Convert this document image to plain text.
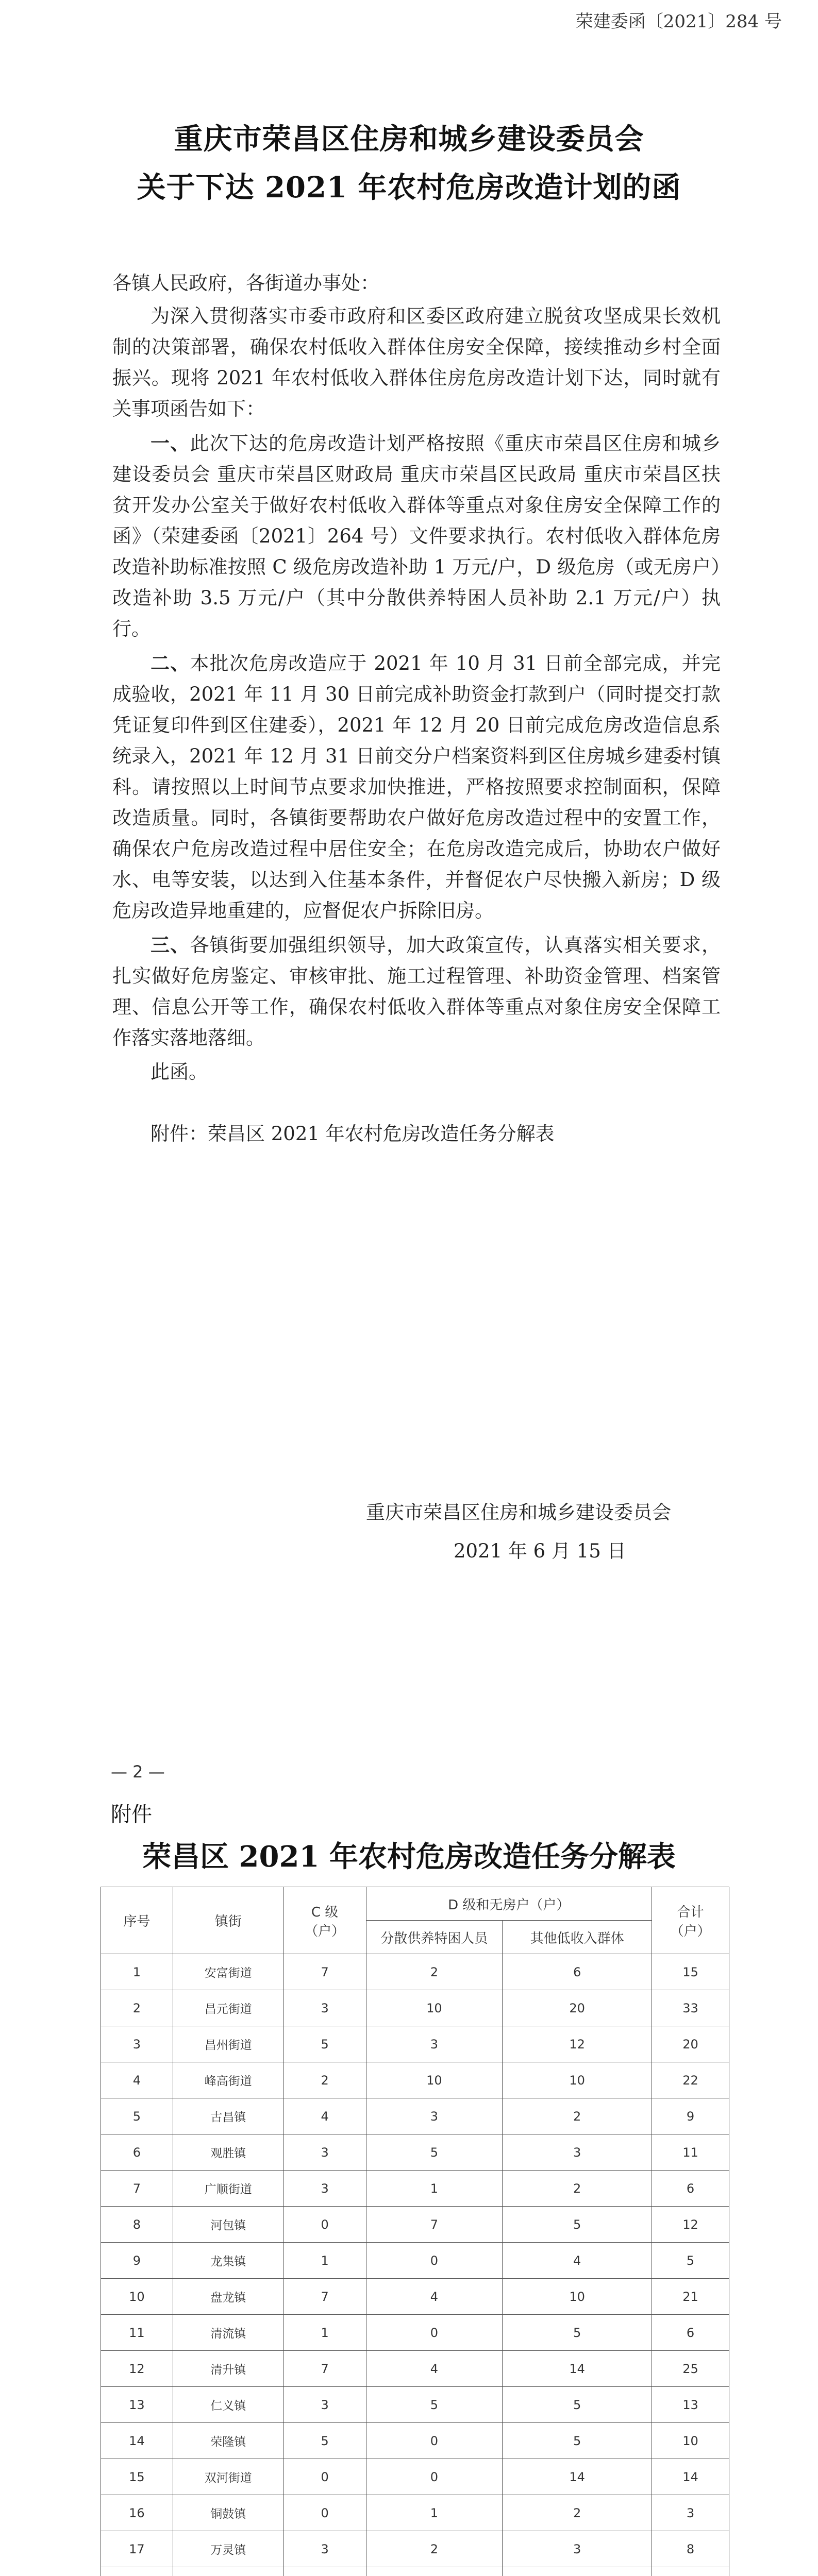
荣建委函〔2021〕284 号
重庆市荣昌区住房和城乡建设委员会
关于下达 2021 年农村危房改造计划的函

各镇人民政府，各街道办事处：

为深入贯彻落实市委市政府和区委区政府建立脱贫攻坚成果长效机制的决策部署，确保农村低收入群体住房安全保障，接续推动乡村全面振兴。现将 2021 年农村低收入群体住房危房改造计划下达，同时就有关事项函告如下：

一、此次下达的危房改造计划严格按照《重庆市荣昌区住房和城乡建设委员会 重庆市荣昌区财政局 重庆市荣昌区民政局 重庆市荣昌区扶贫开发办公室关于做好农村低收入群体等重点对象住房安全保障工作的函》（荣建委函〔2021〕264 号）文件要求执行。农村低收入群体危房改造补助标准按照 C 级危房改造补助 1 万元/户，D 级危房（或无房户）改造补助 3.5 万元/户（其中分散供养特困人员补助 2.1 万元/户）执行。

二、本批次危房改造应于 2021 年 10 月 31 日前全部完成，并完成验收，2021 年 11 月 30 日前完成补助资金打款到户（同时提交打款凭证复印件到区住建委），2021 年 12 月 20 日前完成危房改造信息系统录入，2021 年 12 月 31 日前交分户档案资料到区住房城乡建委村镇科。请按照以上时间节点要求加快推进，严格按照要求控制面积，保障改造质量。同时，各镇街要帮助农户做好危房改造过程中的安置工作，确保农户危房改造过程中居住安全；在危房改造完成后，协助农户做好水、电等安装，以达到入住基本条件，并督促农户尽快搬入新房；D 级危房改造异地重建的，应督促农户拆除旧房。

三、各镇街要加强组织领导，加大政策宣传，认真落实相关要求，扎实做好危房鉴定、审核审批、施工过程管理、补助资金管理、档案管理、信息公开等工作，确保农村低收入群体等重点对象住房安全保障工作落实落地落细。

此函。

附件：荣昌区 2021 年农村危房改造任务分解表

重庆市荣昌区住房和城乡建设委员会
2021 年 6 月 15 日
— 2 —
附件
荣昌区 2021 年农村危房改造任务分解表
序号	镇街	C 级
（户）	D 级和无房户（户）		合计
（户）
			分散供养特困人员	其他低收入群体	
1	安富街道	7	2	6	15
2	昌元街道	3	10	20	33
3	昌州街道	5	3	12	20
4	峰高街道	2	10	10	22
5	古昌镇	4	3	2	9
6	观胜镇	3	5	3	11
7	广顺街道	3	1	2	6
8	河包镇	0	7	5	12
9	龙集镇	1	0	4	5
10	盘龙镇	7	4	10	21
11	清流镇	1	0	5	6
12	清升镇	7	4	14	25
13	仁义镇	3	5	5	13
14	荣隆镇	5	0	5	10
15	双河街道	0	0	14	14
16	铜鼓镇	0	1	2	3
17	万灵镇	3	2	3	8
